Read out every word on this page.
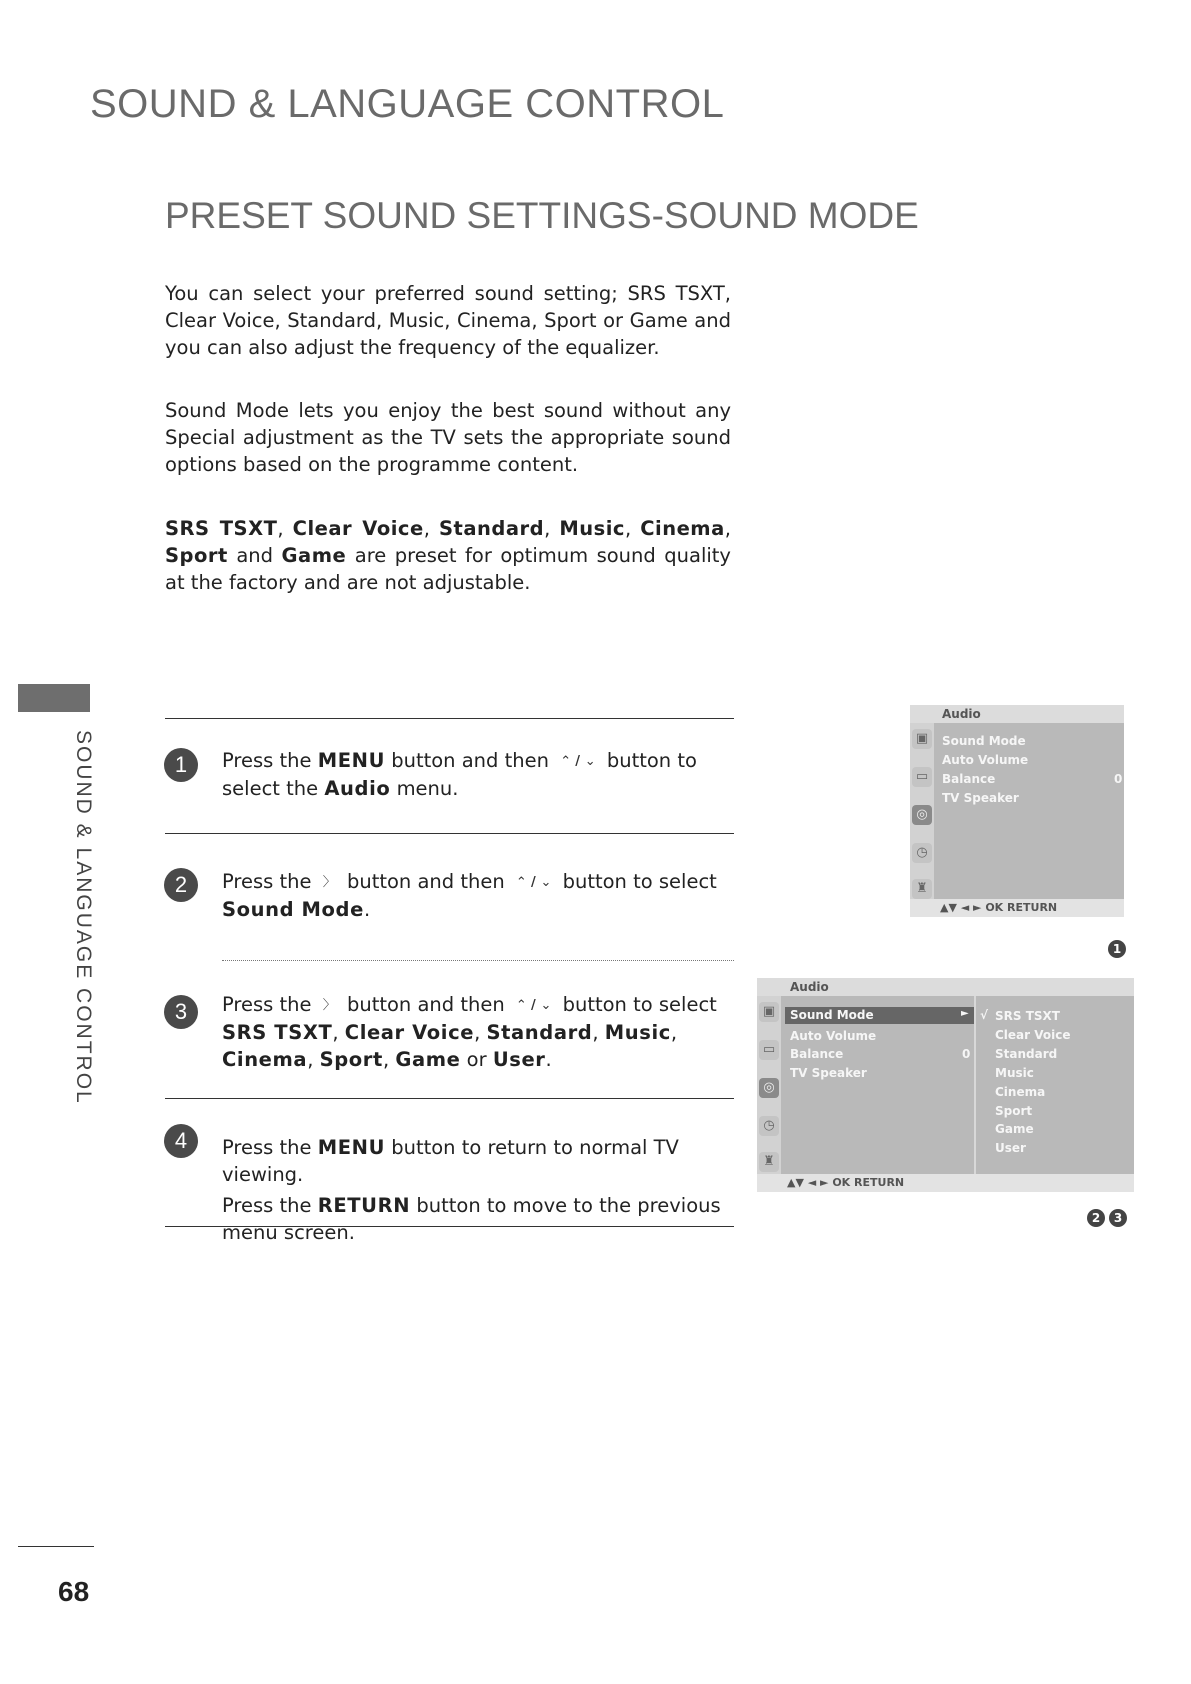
SOUND & LANGUAGE CONTROL
PRESET SOUND SETTINGS-SOUND MODE
You can select your preferred sound setting; SRS TSXT, Clear Voice, Standard, Music, Cinema, Sport or Game and you can also adjust the frequency of the equalizer.
Sound Mode lets you enjoy the best sound without any Special adjustment as the TV sets the appropriate sound options based on the programme content.
SRS TSXT, Clear Voice, Standard, Music, Cinema, Sport and Game are preset for optimum sound quality at the factory and are not adjustable.
SOUND & LANGUAGE CONTROL	1	Press the MENU button and then ⌃ / ⌄ button to select the Audio menu.
2	Press the 〉 button and then ⌃ / ⌄ button to select
Sound Mode.
3	Press the 〉 button and then ⌃ / ⌄ button to select SRS TSXT, Clear Voice, Standard, Music, Cinema, Sport, Game or User.
4	Press the MENU button to return to normal TV viewing.
Press the RETURN button to move to the previous menu screen.
Audio
▣
▭
◎
◷
♜
Sound Mode
Auto Volume
Balance	0
TV Speaker
▲▼ ◄ ► OK RETURN
1
Audio
▣
▭
◎
◷
♜
Sound Mode	►
Auto Volume
Balance	0
TV Speaker
√ SRS TSXT
Clear Voice
Standard
Music
Cinema
Sport
Game
User
▲▼ ◄ ► OK RETURN
2	3
68
